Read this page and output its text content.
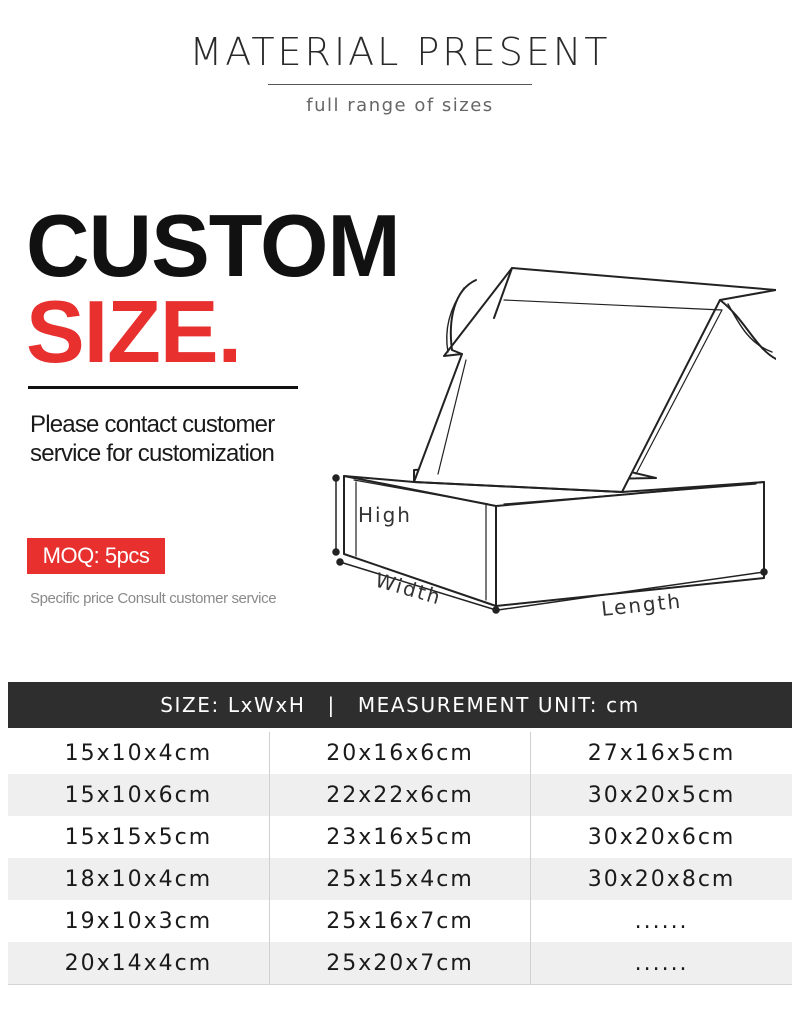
MATERIAL PRESENT
full range of sizes
CUSTOM
SIZE.
Please contact customer
service for customization
MOQ: 5pcs
Specific price Consult customer service
High
Width	Length
SIZE: LxWxH | MEASUREMENT UNIT: cm
15x10x4cm	20x16x6cm	27x16x5cm
15x10x6cm	22x22x6cm	30x20x5cm
15x15x5cm	23x16x5cm	30x20x6cm
18x10x4cm	25x15x4cm	30x20x8cm
19x10x3cm	25x16x7cm	......
20x14x4cm	25x20x7cm	......
